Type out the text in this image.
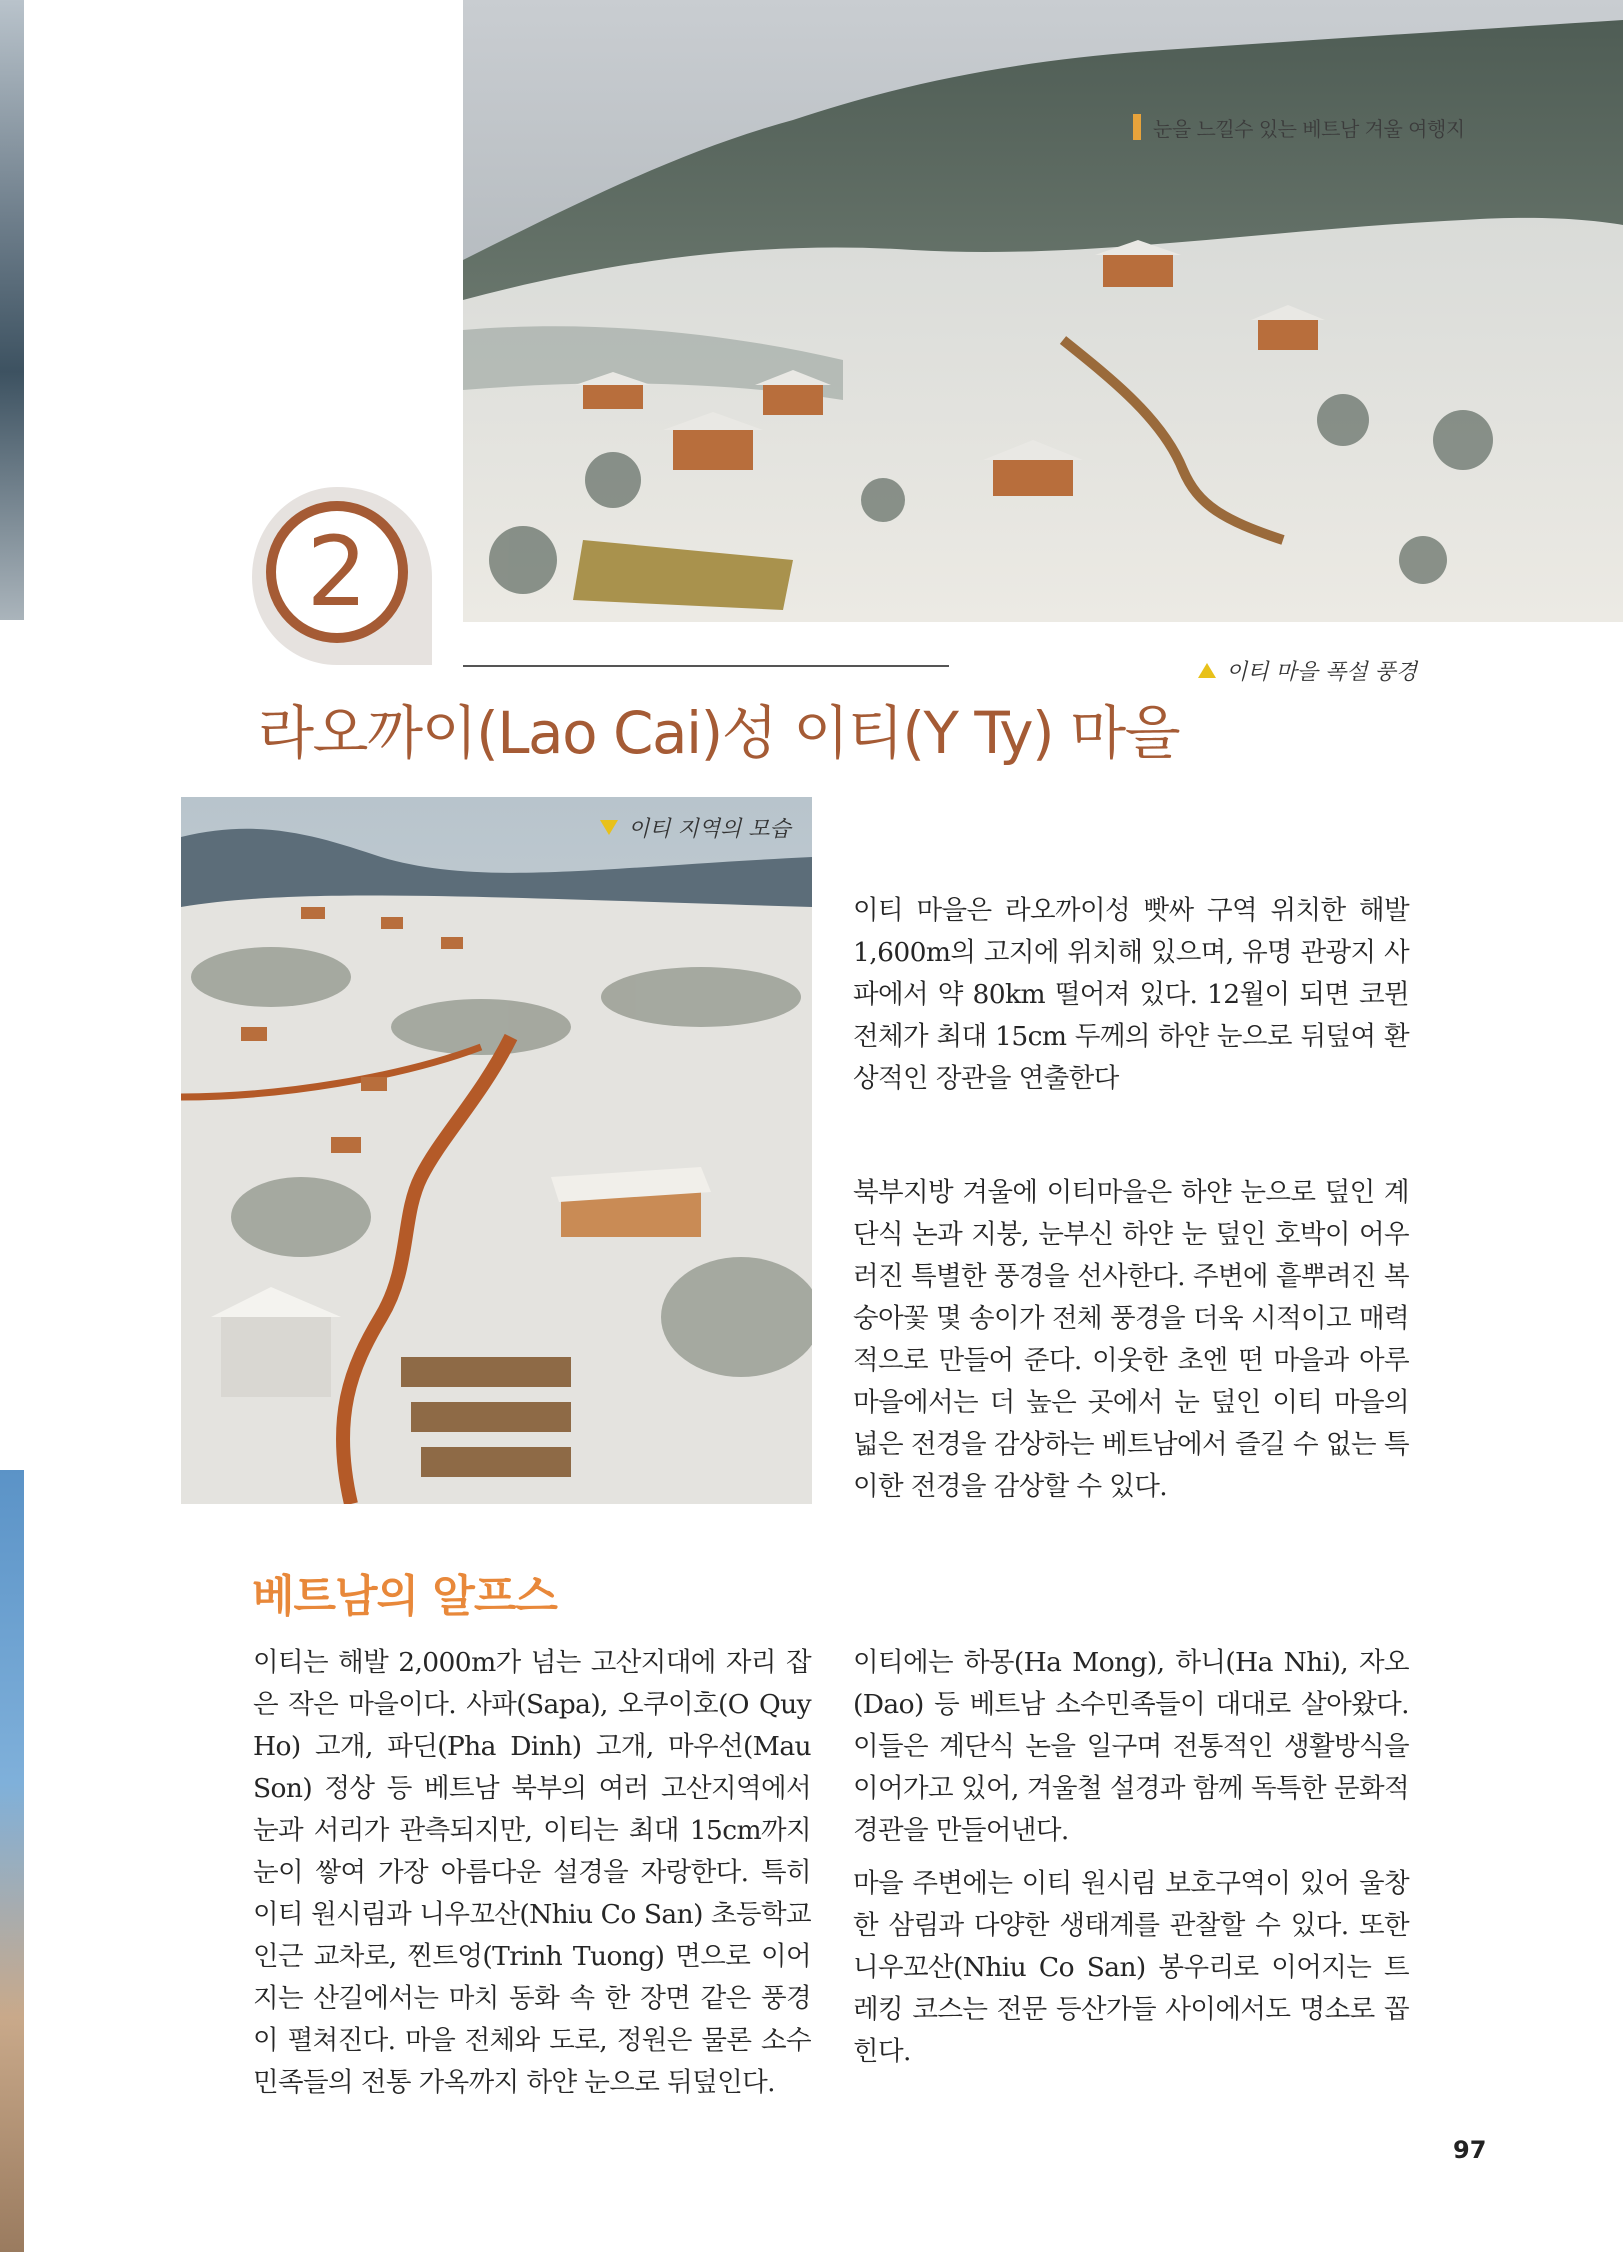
눈을 느낄수 있는 베트남 겨울 여행지
2
이티 마을 폭설 풍경
라오까이(Lao Cai)성 이티(Y Ty) 마을
이티 지역의 모습

이티 마을은 라오까이성 빳싸 구역 위치한 해발 1,600m의 고지에 위치해 있으며, 유명 관광지 사파에서 약 80km 떨어져 있다. 12월이 되면 코뮌 전체가 최대 15cm 두께의 하얀 눈으로 뒤덮여 환상적인 장관을 연출한다

북부지방 겨울에 이티마을은 하얀 눈으로 덮인 계단식 논과 지붕, 눈부신 하얀 눈 덮인 호박이 어우러진 특별한 풍경을 선사한다. 주변에 흩뿌려진 복숭아꽃 몇 송이가 전체 풍경을 더욱 시적이고 매력적으로 만들어 준다. 이웃한 초엔 떤 마을과 아루 마을에서는 더 높은 곳에서 눈 덮인 이티 마을의 넓은 전경을 감상하는 베트남에서 즐길 수 없는 특이한 전경을 감상할 수 있다.

베트남의 알프스

이티는 해발 2,000m가 넘는 고산지대에 자리 잡은 작은 마을이다. 사파(Sapa), 오쿠이호(O Quy Ho) 고개, 파딘(Pha Dinh) 고개, 마우선(Mau Son) 정상 등 베트남 북부의 여러 고산지역에서 눈과 서리가 관측되지만, 이티는 최대 15cm까지 눈이 쌓여 가장 아름다운 설경을 자랑한다. 특히 이티 원시림과 니우꼬산(Nhiu Co San) 초등학교 인근 교차로, 찐트엉(Trinh Tuong) 면으로 이어지는 산길에서는 마치 동화 속 한 장면 같은 풍경이 펼쳐진다. 마을 전체와 도로, 정원은 물론 소수민족들의 전통 가옥까지 하얀 눈으로 뒤덮인다.

이티에는 하몽(Ha Mong), 하니(Ha Nhi), 자오(Dao) 등 베트남 소수민족들이 대대로 살아왔다. 이들은 계단식 논을 일구며 전통적인 생활방식을 이어가고 있어, 겨울철 설경과 함께 독특한 문화적 경관을 만들어낸다.

마을 주변에는 이티 원시림 보호구역이 있어 울창한 삼림과 다양한 생태계를 관찰할 수 있다. 또한 니우꼬산(Nhiu Co San) 봉우리로 이어지는 트레킹 코스는 전문 등산가들 사이에서도 명소로 꼽힌다.

97
